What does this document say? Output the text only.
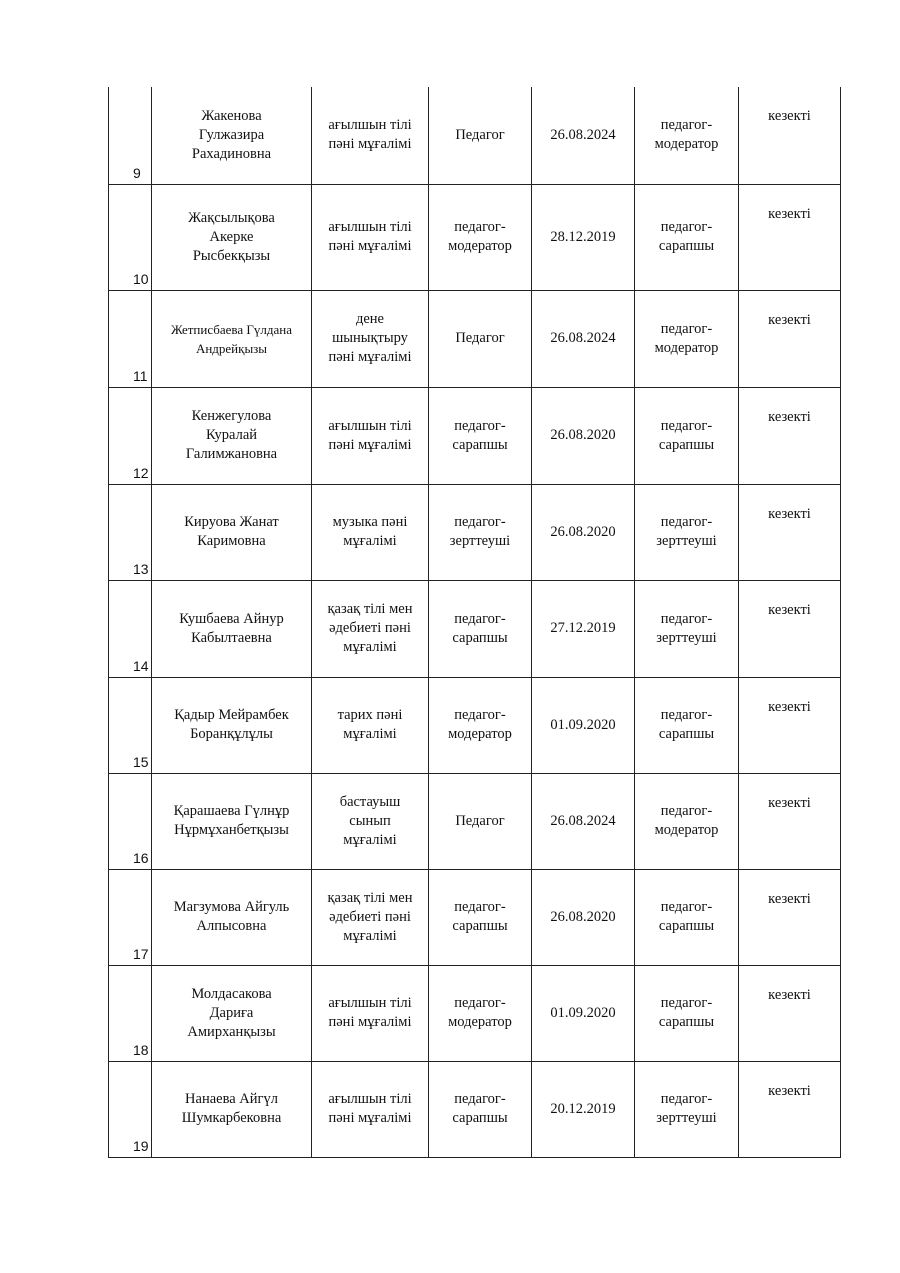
9	Жакенова
Гулжазира
Рахадиновна	ағылшын тілі
пәні мұғалімі	Педагог	26.08.2024	педагог-
модератор	кезекті
10	Жақсылықова
Акерке
Рысбекқызы	ағылшын тілі
пәні мұғалімі	педагог-
модератор	28.12.2019	педагог-
сарапшы	кезекті
11	Жетписбаева Гүлдана
Андрейқызы	дене
шынықтыру
пәні мұғалімі	Педагог	26.08.2024	педагог-
модератор	кезекті
12	Кенжегулова
Куралай
Галимжановна	ағылшын тілі
пәні мұғалімі	педагог-
сарапшы	26.08.2020	педагог-
сарапшы	кезекті
13	Кируова Жанат
Каримовна	музыка пәні
мұғалімі	педагог-
зерттеуші	26.08.2020	педагог-
зерттеуші	кезекті
14	Кушбаева Айнур
Кабылтаевна	қазақ тілі мен
әдебиеті пәні
мұғалімі	педагог-
сарапшы	27.12.2019	педагог-
зерттеуші	кезекті
15	Қадыр Мейрамбек
Боранқұлұлы	тарих пәні
мұғалімі	педагог-
модератор	01.09.2020	педагог-
сарапшы	кезекті
16	Қарашаева Гүлнұр
Нұрмұханбетқызы	бастауыш
сынып
мұғалімі	Педагог	26.08.2024	педагог-
модератор	кезекті
17	Магзумова Айгуль
Алпысовна	қазақ тілі мен
әдебиеті пәні
мұғалімі	педагог-
сарапшы	26.08.2020	педагог-
сарапшы	кезекті
18	Молдасакова
Дариға
Амирханқызы	ағылшын тілі
пәні мұғалімі	педагог-
модератор	01.09.2020	педагог-
сарапшы	кезекті
19	Нанаева Айгүл
Шумкарбековна	ағылшын тілі
пәні мұғалімі	педагог-
сарапшы	20.12.2019	педагог-
зерттеуші	кезекті
